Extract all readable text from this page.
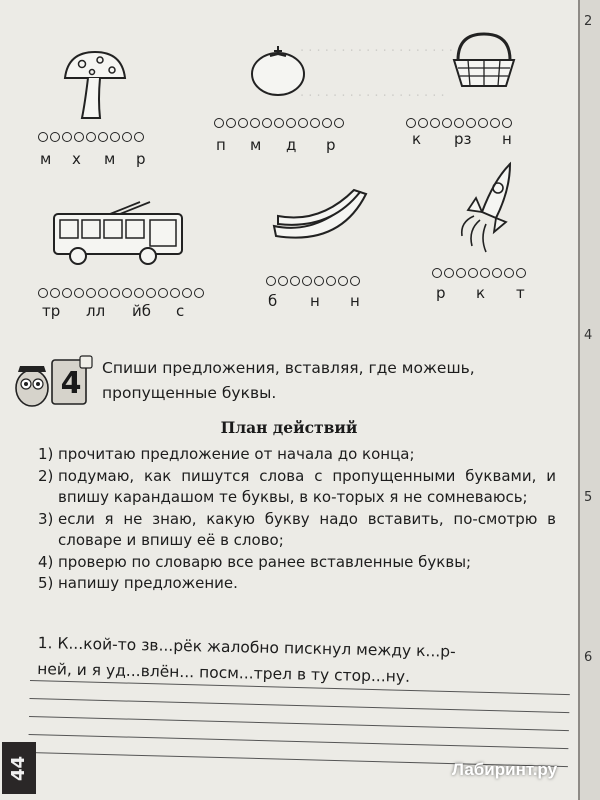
. . . . . . . . . . . . . . . . . . . .
. . . . . . . . . . . . . . . . . .
м	х	м	р
п	м	д	р	к	рз	н
тр	лл	йб	с
б	н	н	р	к	т
4 Спиши предложения, вставляя, где можешь, пропущенные буквы.
План действий
1) прочитаю предложение от начала до конца;
2) подумаю, как пишутся слова с пропущенными буквами, и впишу карандашом те буквы, в ко-торых я не сомневаюсь;
3) если я не знаю, какую букву надо вставить, по-смотрю в словаре и впишу её в слово;
4) проверю по словарю все ранее вставленные буквы;
5) напишу предложение.
1. К...кой-то зв...рёк жалобно пискнул между к...р-
ней, и я уд...влён... посм...трел в ту стор...ну.
44	Лабиринт.ру
2
4
5
6
